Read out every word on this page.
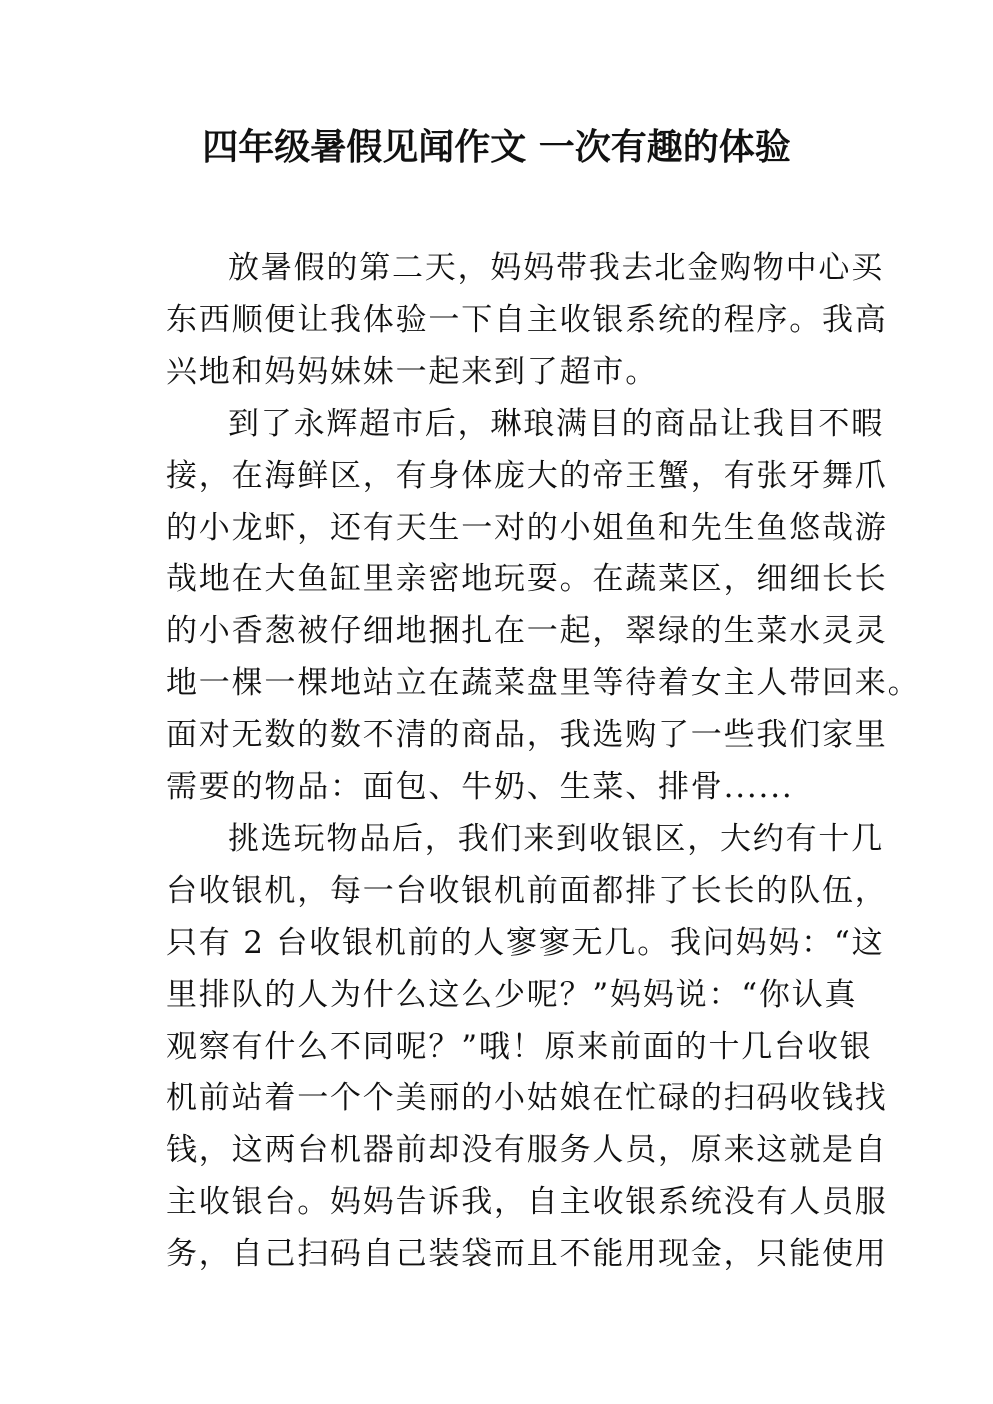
四年级暑假见闻作文 一次有趣的体验
放暑假的第二天，妈妈带我去北金购物中心买
东西顺便让我体验一下自主收银系统的程序。我高
兴地和妈妈妹妹一起来到了超市。
到了永辉超市后，琳琅满目的商品让我目不暇
接，在海鲜区，有身体庞大的帝王蟹，有张牙舞爪
的小龙虾，还有天生一对的小姐鱼和先生鱼悠哉游
哉地在大鱼缸里亲密地玩耍。在蔬菜区，细细长长
的小香葱被仔细地捆扎在一起，翠绿的生菜水灵灵
地一棵一棵地站立在蔬菜盘里等待着女主人带回来。
面对无数的数不清的商品，我选购了一些我们家里
需要的物品：面包、牛奶、生菜、排骨......
挑选玩物品后，我们来到收银区，大约有十几
台收银机，每一台收银机前面都排了长长的队伍，
只有 2 台收银机前的人寥寥无几。我问妈妈：“这
里排队的人为什么这么少呢？”妈妈说：“你认真
观察有什么不同呢？”哦！原来前面的十几台收银
机前站着一个个美丽的小姑娘在忙碌的扫码收钱找
钱，这两台机器前却没有服务人员，原来这就是自
主收银台。妈妈告诉我，自主收银系统没有人员服
务，自己扫码自己装袋而且不能用现金，只能使用
